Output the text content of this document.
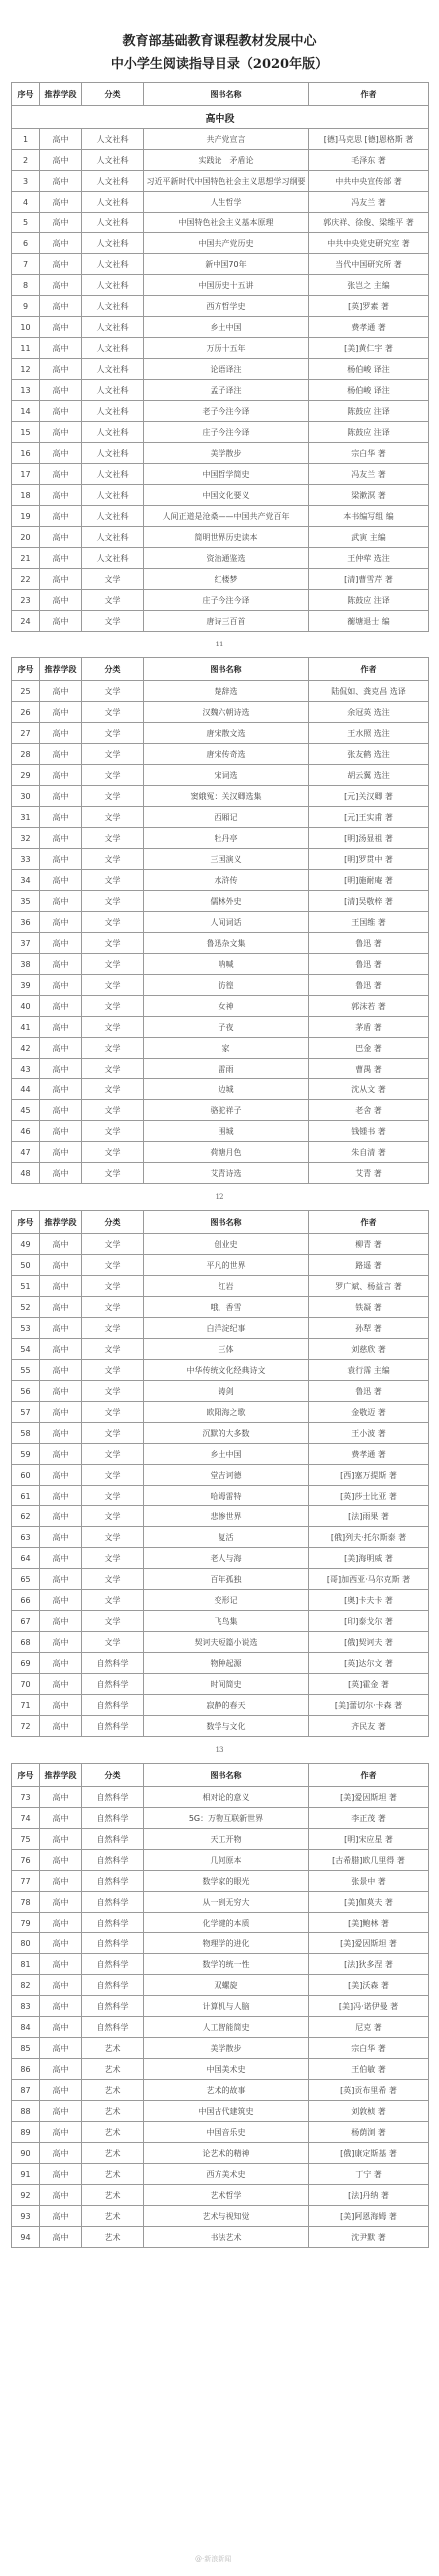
教育部基础教育课程教材发展中心
中小学生阅读指导目录（2020年版）
序号	推荐学段	分类	图书名称	作者
高中段				
1	高中	人文社科	共产党宣言	[德]马克思 [德]恩格斯 著
2	高中	人文社科	实践论　矛盾论	毛泽东 著
3	高中	人文社科	习近平新时代中国特色社会主义思想学习纲要	中共中央宣传部 著
4	高中	人文社科	人生哲学	冯友兰 著
5	高中	人文社科	中国特色社会主义基本原理	郭庆祥、徐俊、梁维平 著
6	高中	人文社科	中国共产党历史	中共中央党史研究室 著
7	高中	人文社科	新中国70年	当代中国研究所 著
8	高中	人文社科	中国历史十五讲	张岂之 主编
9	高中	人文社科	西方哲学史	[英]罗素 著
10	高中	人文社科	乡土中国	费孝通 著
11	高中	人文社科	万历十五年	[美]黄仁宇 著
12	高中	人文社科	论语译注	杨伯峻 译注
13	高中	人文社科	孟子译注	杨伯峻 译注
14	高中	人文社科	老子今注今译	陈鼓应 注译
15	高中	人文社科	庄子今注今译	陈鼓应 注译
16	高中	人文社科	美学散步	宗白华 著
17	高中	人文社科	中国哲学简史	冯友兰 著
18	高中	人文社科	中国文化要义	梁漱溟 著
19	高中	人文社科	人间正道是沧桑——中国共产党百年	本书编写组 编
20	高中	人文社科	简明世界历史读本	武寅 主编
21	高中	人文社科	资治通鉴选	王仲荦 选注
22	高中	文学	红楼梦	[清]曹雪芹 著
23	高中	文学	庄子今注今译	陈鼓应 注译
24	高中	文学	唐诗三百首	蘅塘退士 编
11
序号	推荐学段	分类	图书名称	作者
25	高中	文学	楚辞选	陆侃如、龚克昌 选译
26	高中	文学	汉魏六朝诗选	余冠英 选注
27	高中	文学	唐宋散文选	王水照 选注
28	高中	文学	唐宋传奇选	张友鹤 选注
29	高中	文学	宋词选	胡云翼 选注
30	高中	文学	窦娥冤：关汉卿选集	[元]关汉卿 著
31	高中	文学	西厢记	[元]王实甫 著
32	高中	文学	牡丹亭	[明]汤显祖 著
33	高中	文学	三国演义	[明]罗贯中 著
34	高中	文学	水浒传	[明]施耐庵 著
35	高中	文学	儒林外史	[清]吴敬梓 著
36	高中	文学	人间词话	王国维 著
37	高中	文学	鲁迅杂文集	鲁迅 著
38	高中	文学	呐喊	鲁迅 著
39	高中	文学	彷徨	鲁迅 著
40	高中	文学	女神	郭沫若 著
41	高中	文学	子夜	茅盾 著
42	高中	文学	家	巴金 著
43	高中	文学	雷雨	曹禺 著
44	高中	文学	边城	沈从文 著
45	高中	文学	骆驼祥子	老舍 著
46	高中	文学	围城	钱锺书 著
47	高中	文学	荷塘月色	朱自清 著
48	高中	文学	艾青诗选	艾青 著
12
序号	推荐学段	分类	图书名称	作者
49	高中	文学	创业史	柳青 著
50	高中	文学	平凡的世界	路遥 著
51	高中	文学	红岩	罗广斌、杨益言 著
52	高中	文学	哦，香雪	铁凝 著
53	高中	文学	白洋淀纪事	孙犁 著
54	高中	文学	三体	刘慈欣 著
55	高中	文学	中华传统文化经典诗文	袁行霈 主编
56	高中	文学	铸剑	鲁迅 著
57	高中	文学	欧阳海之歌	金敬迈 著
58	高中	文学	沉默的大多数	王小波 著
59	高中	文学	乡土中国	费孝通 著
60	高中	文学	堂吉诃德	[西]塞万提斯 著
61	高中	文学	哈姆雷特	[英]莎士比亚 著
62	高中	文学	悲惨世界	[法]雨果 著
63	高中	文学	复活	[俄]列夫·托尔斯泰 著
64	高中	文学	老人与海	[美]海明威 著
65	高中	文学	百年孤独	[哥]加西亚·马尔克斯 著
66	高中	文学	变形记	[奥]卡夫卡 著
67	高中	文学	飞鸟集	[印]泰戈尔 著
68	高中	文学	契诃夫短篇小说选	[俄]契诃夫 著
69	高中	自然科学	物种起源	[英]达尔文 著
70	高中	自然科学	时间简史	[英]霍金 著
71	高中	自然科学	寂静的春天	[美]蕾切尔·卡森 著
72	高中	自然科学	数学与文化	齐民友 著
13
序号	推荐学段	分类	图书名称	作者
73	高中	自然科学	相对论的意义	[美]爱因斯坦 著
74	高中	自然科学	5G：万物互联新世界	李正茂 著
75	高中	自然科学	天工开物	[明]宋应星 著
76	高中	自然科学	几何原本	[古希腊]欧几里得 著
77	高中	自然科学	数学家的眼光	张景中 著
78	高中	自然科学	从一到无穷大	[美]伽莫夫 著
79	高中	自然科学	化学键的本质	[美]鲍林 著
80	高中	自然科学	物理学的进化	[美]爱因斯坦 著
81	高中	自然科学	数学的统一性	[法]狄多涅 著
82	高中	自然科学	双螺旋	[美]沃森 著
83	高中	自然科学	计算机与人脑	[美]冯·诺伊曼 著
84	高中	自然科学	人工智能简史	尼克 著
85	高中	艺术	美学散步	宗白华 著
86	高中	艺术	中国美术史	王伯敏 著
87	高中	艺术	艺术的故事	[英]贡布里希 著
88	高中	艺术	中国古代建筑史	刘敦桢 著
89	高中	艺术	中国音乐史	杨荫浏 著
90	高中	艺术	论艺术的精神	[俄]康定斯基 著
91	高中	艺术	西方美术史	丁宁 著
92	高中	艺术	艺术哲学	[法]丹纳 著
93	高中	艺术	艺术与视知觉	[美]阿恩海姆 著
94	高中	艺术	书法艺术	沈尹默 著
@·新浪新闻
